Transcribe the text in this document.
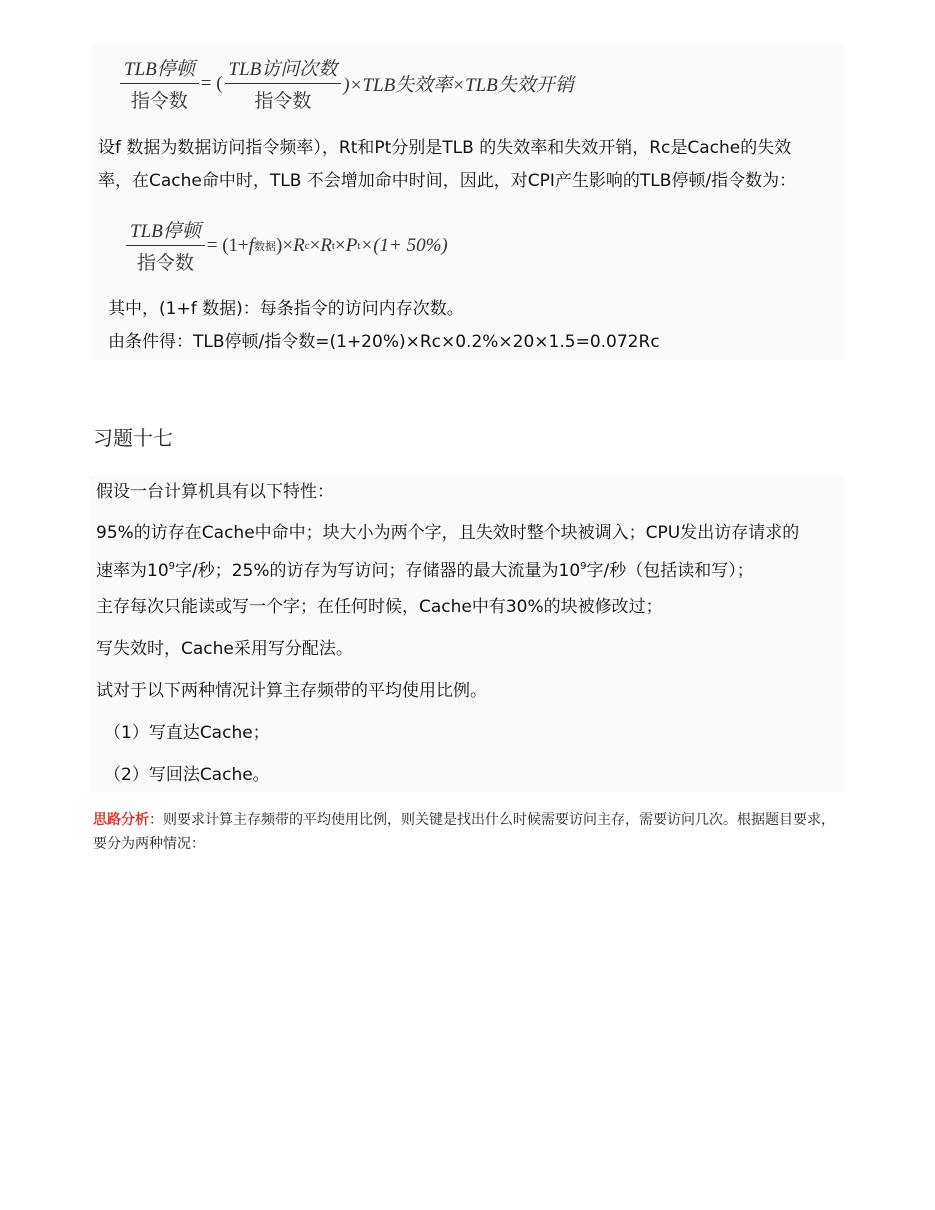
$\frac{\text{TLB停顿}}{\text{指令数}}$ = ( $\frac{\text{TLB访问次数}}{\text{指令数}} )\times TLB$失效率×TLB失效开销
设f 数据为数据访问指令频率），Rt和Pt分别是TLB 的失效率和失效开销，Rc是Cache的失效
率，在Cache命中时，TLB 不会增加命中时间，因此，对CPI产生影响的TLB停顿/指令数为：
$\frac{\text{TLB停顿}}{\text{指令数}} = (1+ f$ 数据 )× R c × R t × P t ×(1+ 50%)
其中，(1+f 数据)：每条指令的访问内存次数。
由条件得：TLB停顿/指令数=(1+20%)×Rc×0.2%×20×1.5=0.072Rc
习题十七
假设一台计算机具有以下特性：
95%的访存在Cache中命中；块大小为两个字，且失效时整个块被调入；CPU发出访存请求的
速率为$10^9$字/秒；25%的访存为写访问；存储器的最大流量为$10^9$字/秒（包括读和写）；
主存每次只能读或写一个字；在任何时候，Cache中有30%的块被修改过；
写失效时，Cache采用写分配法。
试对于以下两种情况计算主存频带的平均使用比例。
（1）写直达Cache；
（2）写回法Cache。
思路分析：则要求计算主存频带的平均使用比例，则关键是找出什么时候需要访问主存，需要访问几次。根据题目要求，要分为两种情况：
